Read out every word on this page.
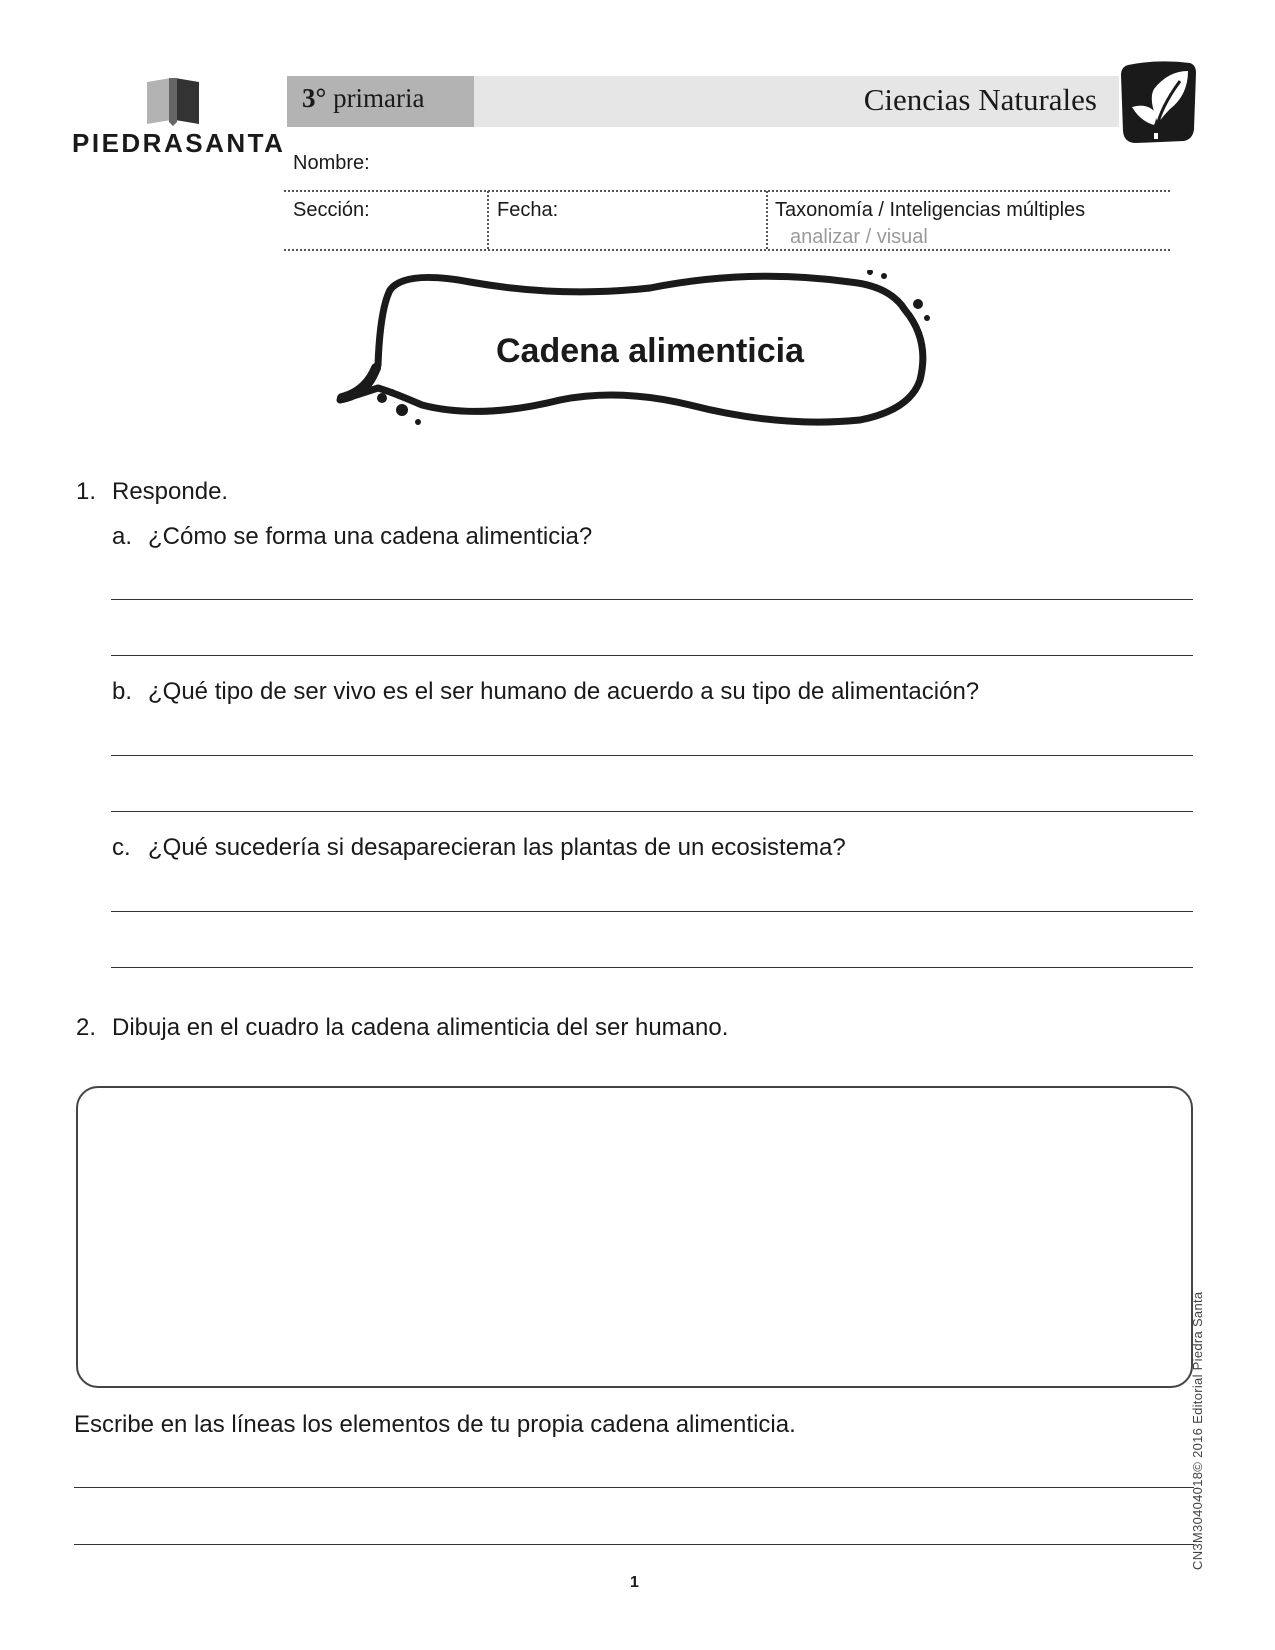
PIEDRASANTA
3° primaria	Ciencias Naturales
Nombre:
Sección:	Fecha:	Taxonomía / Inteligencias múltiples
analizar / visual
Cadena alimenticia
1. Responde.
a. ¿Cómo se forma una cadena alimenticia?
b. ¿Qué tipo de ser vivo es el ser humano de acuerdo a su tipo de alimentación?
c. ¿Qué sucedería si desaparecieran las plantas de un ecosistema?
2. Dibuja en el cuadro la cadena alimenticia del ser humano.
Escribe en las líneas los elementos de tu propia cadena alimenticia.
1
CN3M30404018© 2016 Editorial Piedra Santa
